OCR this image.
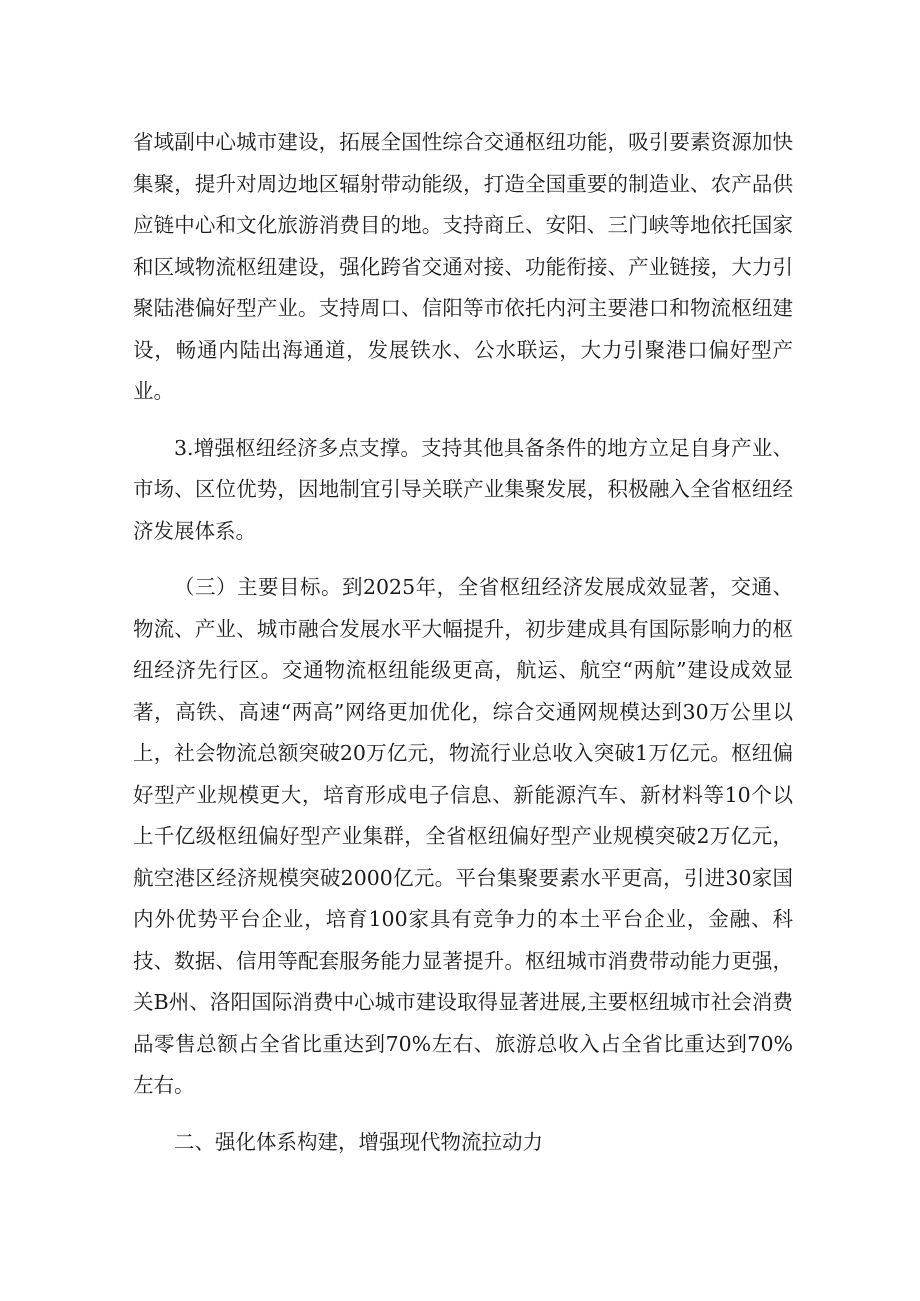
省域副中心城市建设，拓展全国性综合交通枢纽功能，吸引要素资源加快集聚，提升对周边地区辐射带动能级，打造全国重要的制造业、农产品供应链中心和文化旅游消费目的地。支持商丘、安阳、三门峡等地依托国家和区域物流枢纽建设，强化跨省交通对接、功能衔接、产业链接，大力引聚陆港偏好型产业。支持周口、信阳等市依托内河主要港口和物流枢纽建设，畅通内陆出海通道，发展铁水、公水联运，大力引聚港口偏好型产业。

3.增强枢纽经济多点支撑。支持其他具备条件的地方立足自身产业、市场、区位优势，因地制宜引导关联产业集聚发展，积极融入全省枢纽经济发展体系。

（三）主要目标。到2025年，全省枢纽经济发展成效显著，交通、物流、产业、城市融合发展水平大幅提升，初步建成具有国际影响力的枢纽经济先行区。交通物流枢纽能级更高，航运、航空“两航”建设成效显著，高铁、高速“两高”网络更加优化，综合交通网规模达到30万公里以上，社会物流总额突破20万亿元，物流行业总收入突破1万亿元。枢纽偏好型产业规模更大，培育形成电子信息、新能源汽车、新材料等10个以上千亿级枢纽偏好型产业集群，全省枢纽偏好型产业规模突破2万亿元，航空港区经济规模突破2000亿元。平台集聚要素水平更高，引进30家国内外优势平台企业，培育100家具有竞争力的本土平台企业，金融、科技、数据、信用等配套服务能力显著提升。枢纽城市消费带动能力更强，关B州、洛阳国际消费中心城市建设取得显著进展,主要枢纽城市社会消费品零售总额占全省比重达到70%左右、旅游总收入占全省比重达到70%左右。

二、强化体系构建，增强现代物流拉动力
